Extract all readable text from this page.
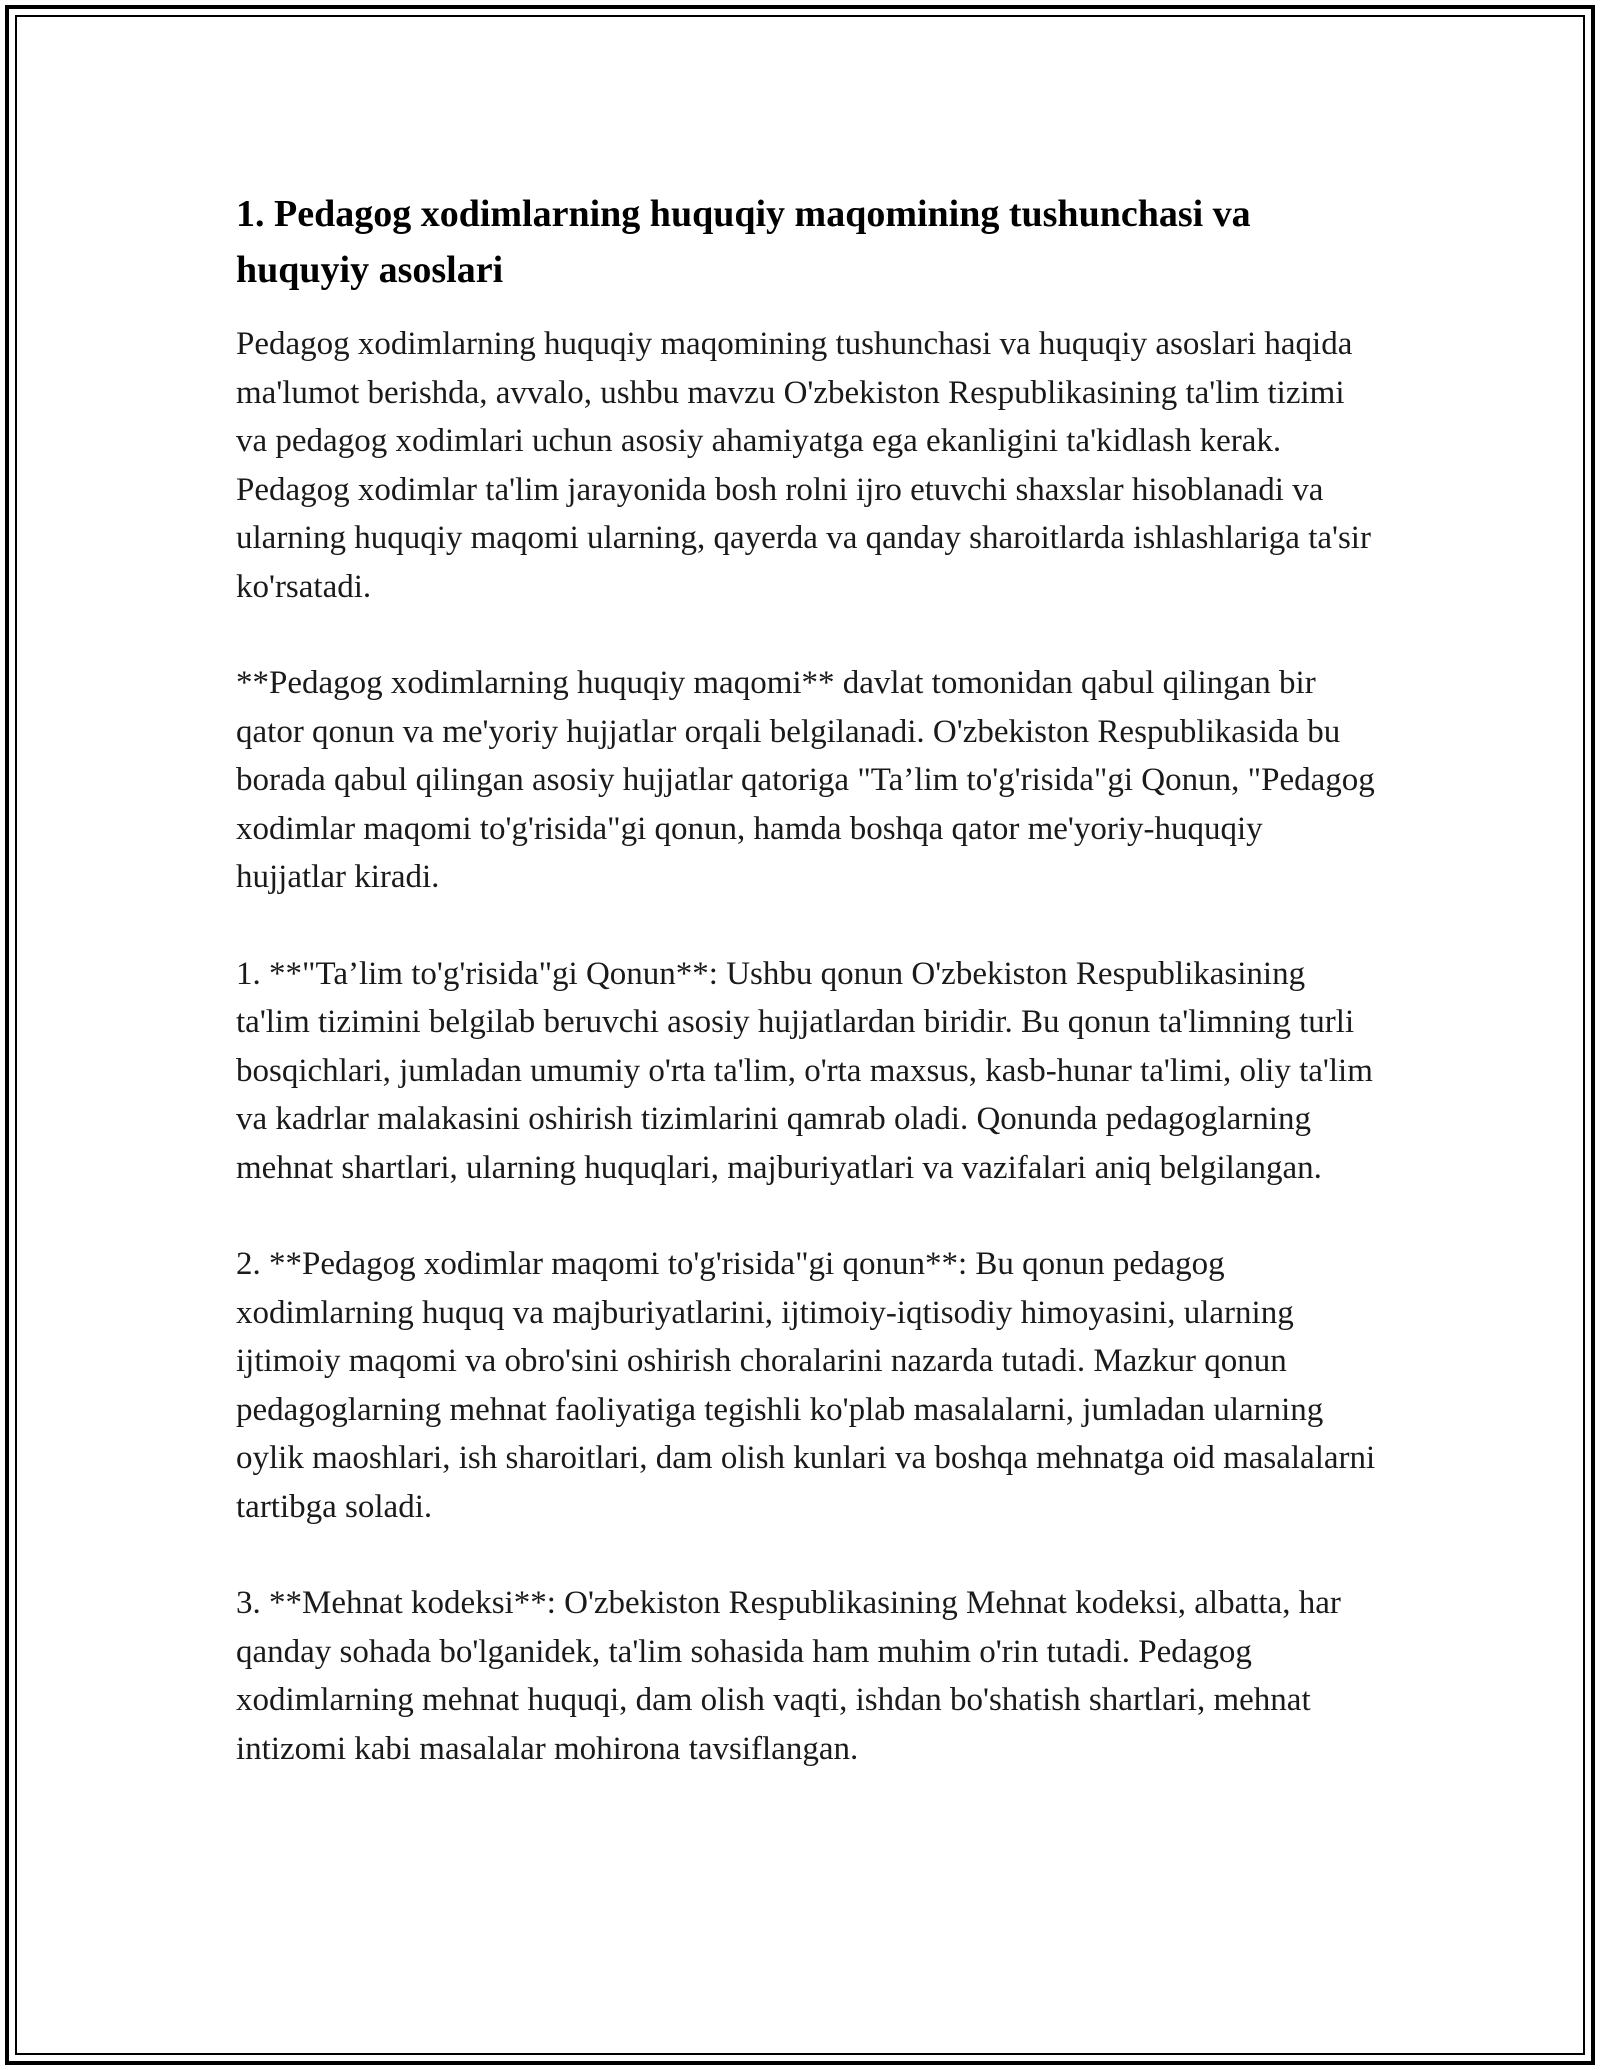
1. Pedagog xodimlarning huquqiy maqomining tushunchasi va huquyiy asoslari

Pedagog xodimlarning huquqiy maqomining tushunchasi va huquqiy asoslari haqida ma'lumot berishda, avvalo, ushbu mavzu O'zbekiston Respublikasining ta'lim tizimi va pedagog xodimlari uchun asosiy ahamiyatga ega ekanligini ta'kidlash kerak. Pedagog xodimlar ta'lim jarayonida bosh rolni ijro etuvchi shaxslar hisoblanadi va ularning huquqiy maqomi ularning, qayerda va qanday sharoitlarda ishlashlariga ta'sir ko'rsatadi.

**Pedagog xodimlarning huquqiy maqomi** davlat tomonidan qabul qilingan bir qator qonun va me'yoriy hujjatlar orqali belgilanadi. O'zbekiston Respublikasida bu borada qabul qilingan asosiy hujjatlar qatoriga "Ta’lim to'g'risida"gi Qonun, "Pedagog xodimlar maqomi to'g'risida"gi qonun, hamda boshqa qator me'yoriy-huquqiy hujjatlar kiradi.

1. **"Ta’lim to'g'risida"gi Qonun**: Ushbu qonun O'zbekiston Respublikasining ta'lim tizimini belgilab beruvchi asosiy hujjatlardan biridir. Bu qonun ta'limning turli bosqichlari, jumladan umumiy o'rta ta'lim, o'rta maxsus, kasb-hunar ta'limi, oliy ta'lim va kadrlar malakasini oshirish tizimlarini qamrab oladi. Qonunda pedagoglarning mehnat shartlari, ularning huquqlari, majburiyatlari va vazifalari aniq belgilangan.

2. **Pedagog xodimlar maqomi to'g'risida"gi qonun**: Bu qonun pedagog xodimlarning huquq va majburiyatlarini, ijtimoiy-iqtisodiy himoyasini, ularning ijtimoiy maqomi va obro'sini oshirish choralarini nazarda tutadi. Mazkur qonun pedagoglarning mehnat faoliyatiga tegishli ko'plab masalalarni, jumladan ularning oylik maoshlari, ish sharoitlari, dam olish kunlari va boshqa mehnatga oid masalalarni tartibga soladi.

3. **Mehnat kodeksi**: O'zbekiston Respublikasining Mehnat kodeksi, albatta, har qanday sohada bo'lganidek, ta'lim sohasida ham muhim o'rin tutadi. Pedagog xodimlarning mehnat huquqi, dam olish vaqti, ishdan bo'shatish shartlari, mehnat intizomi kabi masalalar mohirona tavsiflangan.
